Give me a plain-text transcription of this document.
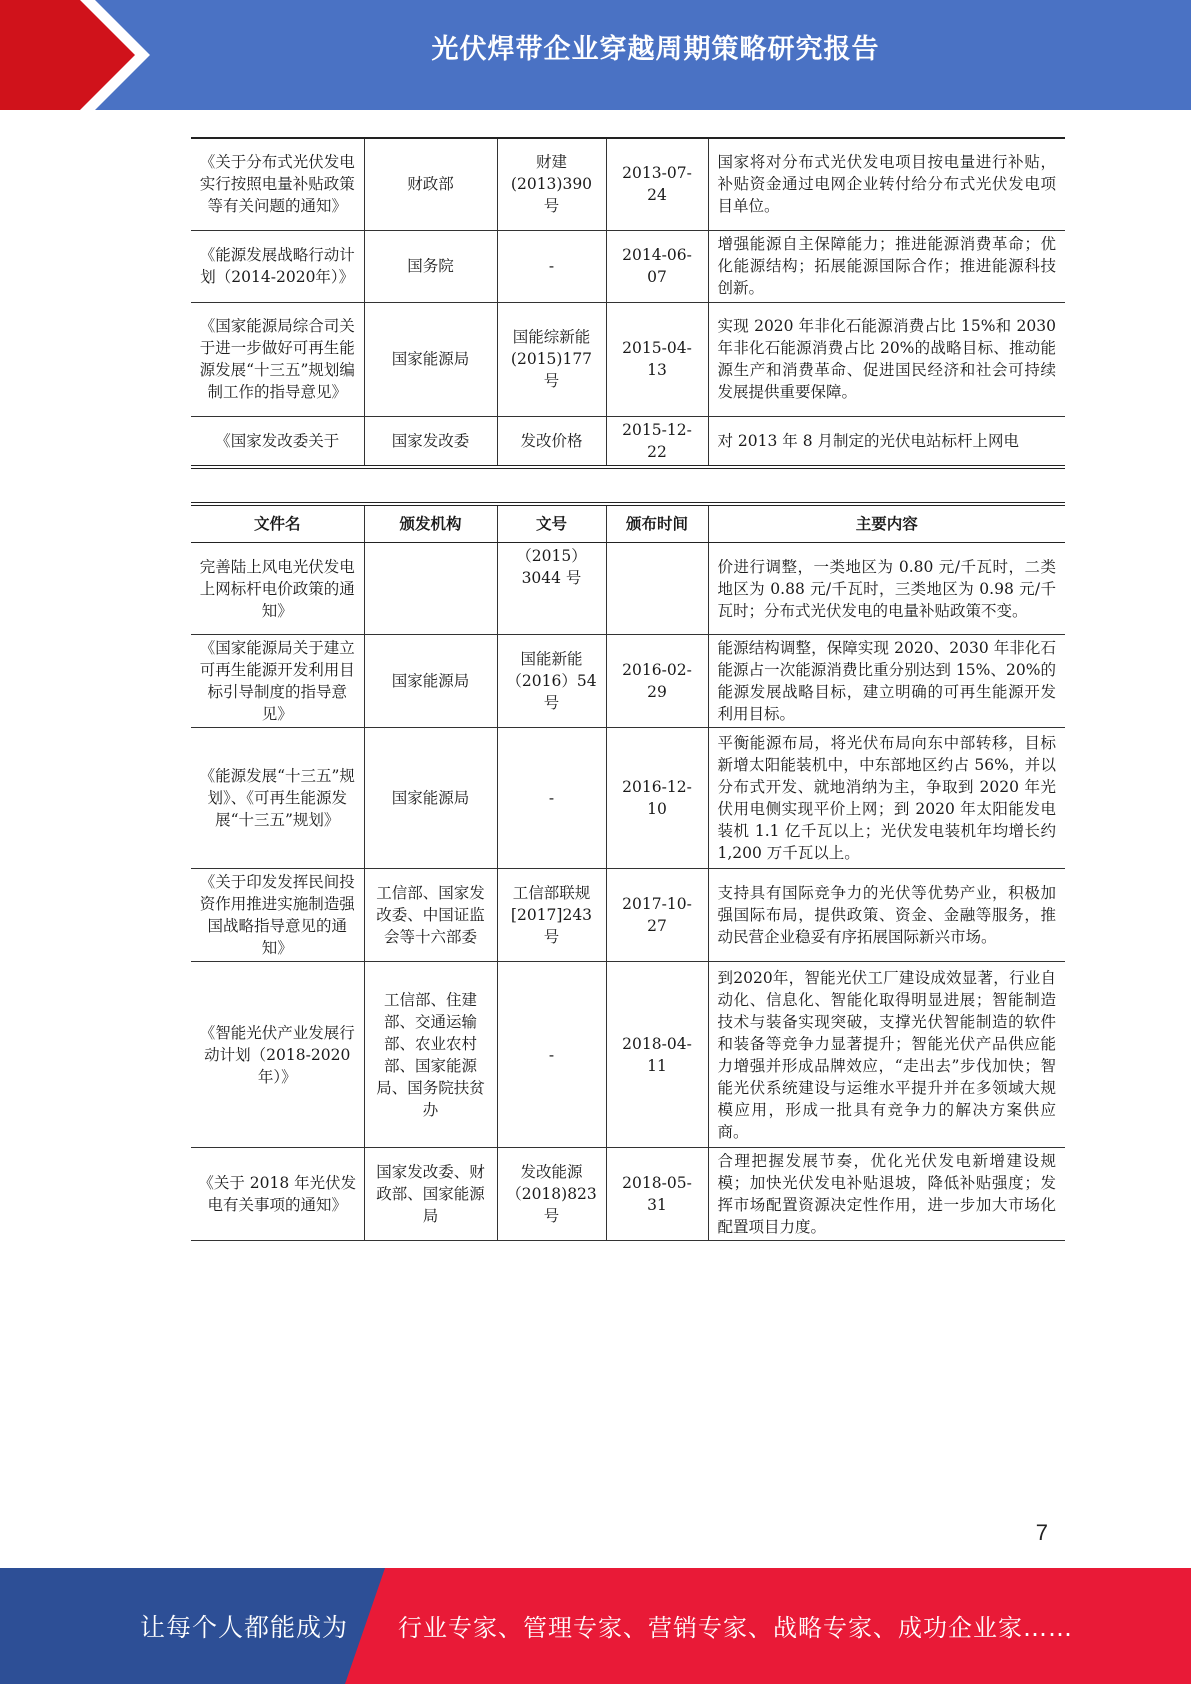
光伏焊带企业穿越周期策略研究报告
《关于分布式光伏发电实行按照电量补贴政策等有关问题的通知》	财政部	财建(2013)390 号	2013-07-24	国家将对分布式光伏发电项目按电量进行补贴，补贴资金通过电网企业转付给分布式光伏发电项目单位。
《能源发展战略行动计划（2014-2020年）》	国务院	-	2014-06-07	增强能源自主保障能力；推进能源消费革命；优化能源结构；拓展能源国际合作；推进能源科技创新。
《国家能源局综合司关于进一步做好可再生能源发展“十三五”规划编制工作的指导意见》	国家能源局	国能综新能(2015)177 号	2015-04-13	实现 2020 年非化石能源消费占比 15%和 2030 年非化石能源消费占比 20%的战略目标、推动能源生产和消费革命、促进国民经济和社会可持续发展提供重要保障。
《国家发改委关于	国家发改委	发改价格	2015-12-22	对 2013 年 8 月制定的光伏电站标杆上网电
文件名	颁发机构	文号	颁布时间	主要内容
完善陆上风电光伏发电上网标杆电价政策的通知》		（2015）3044 号		价进行调整，一类地区为 0.80 元/千瓦时，二类地区为 0.88 元/千瓦时，三类地区为 0.98 元/千瓦时；分布式光伏发电的电量补贴政策不变。
《国家能源局关于建立可再生能源开发利用目标引导制度的指导意见》	国家能源局	国能新能（2016）54 号	2016-02-29	能源结构调整，保障实现 2020、2030 年非化石能源占一次能源消费比重分别达到 15%、20%的能源发展战略目标，建立明确的可再生能源开发利用目标。
《能源发展“十三五”规划》、《可再生能源发展“十三五”规划》	国家能源局	-	2016-12-10	平衡能源布局，将光伏布局向东中部转移，目标新增太阳能装机中，中东部地区约占 56%，并以分布式开发、就地消纳为主，争取到 2020 年光伏用电侧实现平价上网；到 2020 年太阳能发电装机 1.1 亿千瓦以上；光伏发电装机年均增长约 1,200 万千瓦以上。
《关于印发发挥民间投资作用推进实施制造强国战略指导意见的通知》	工信部、国家发改委、中国证监会等十六部委	工信部联规[2017]243 号	2017-10-27	支持具有国际竞争力的光伏等优势产业，积极加强国际布局，提供政策、资金、金融等服务，推动民营企业稳妥有序拓展国际新兴市场。
《智能光伏产业发展行动计划（2018-2020 年）》	工信部、住建部、交通运输部、农业农村部、国家能源局、国务院扶贫办	-	2018-04-11	到2020年，智能光伏工厂建设成效显著，行业自动化、信息化、智能化取得明显进展；智能制造技术与装备实现突破，支撑光伏智能制造的软件和装备等竞争力显著提升；智能光伏产品供应能力增强并形成品牌效应，“走出去”步伐加快；智能光伏系统建设与运维水平提升并在多领域大规模应用，形成一批具有竞争力的解决方案供应商。
《关于 2018 年光伏发电有关事项的通知》	国家发改委、财政部、国家能源局	发改能源（2018)823 号	2018-05-31	合理把握发展节奏，优化光伏发电新增建设规模；加快光伏发电补贴退坡，降低补贴强度；发挥市场配置资源决定性作用，进一步加大市场化配置项目力度。
7
让每个人都能成为 行业专家、管理专家、营销专家、战略专家、成功企业家……
